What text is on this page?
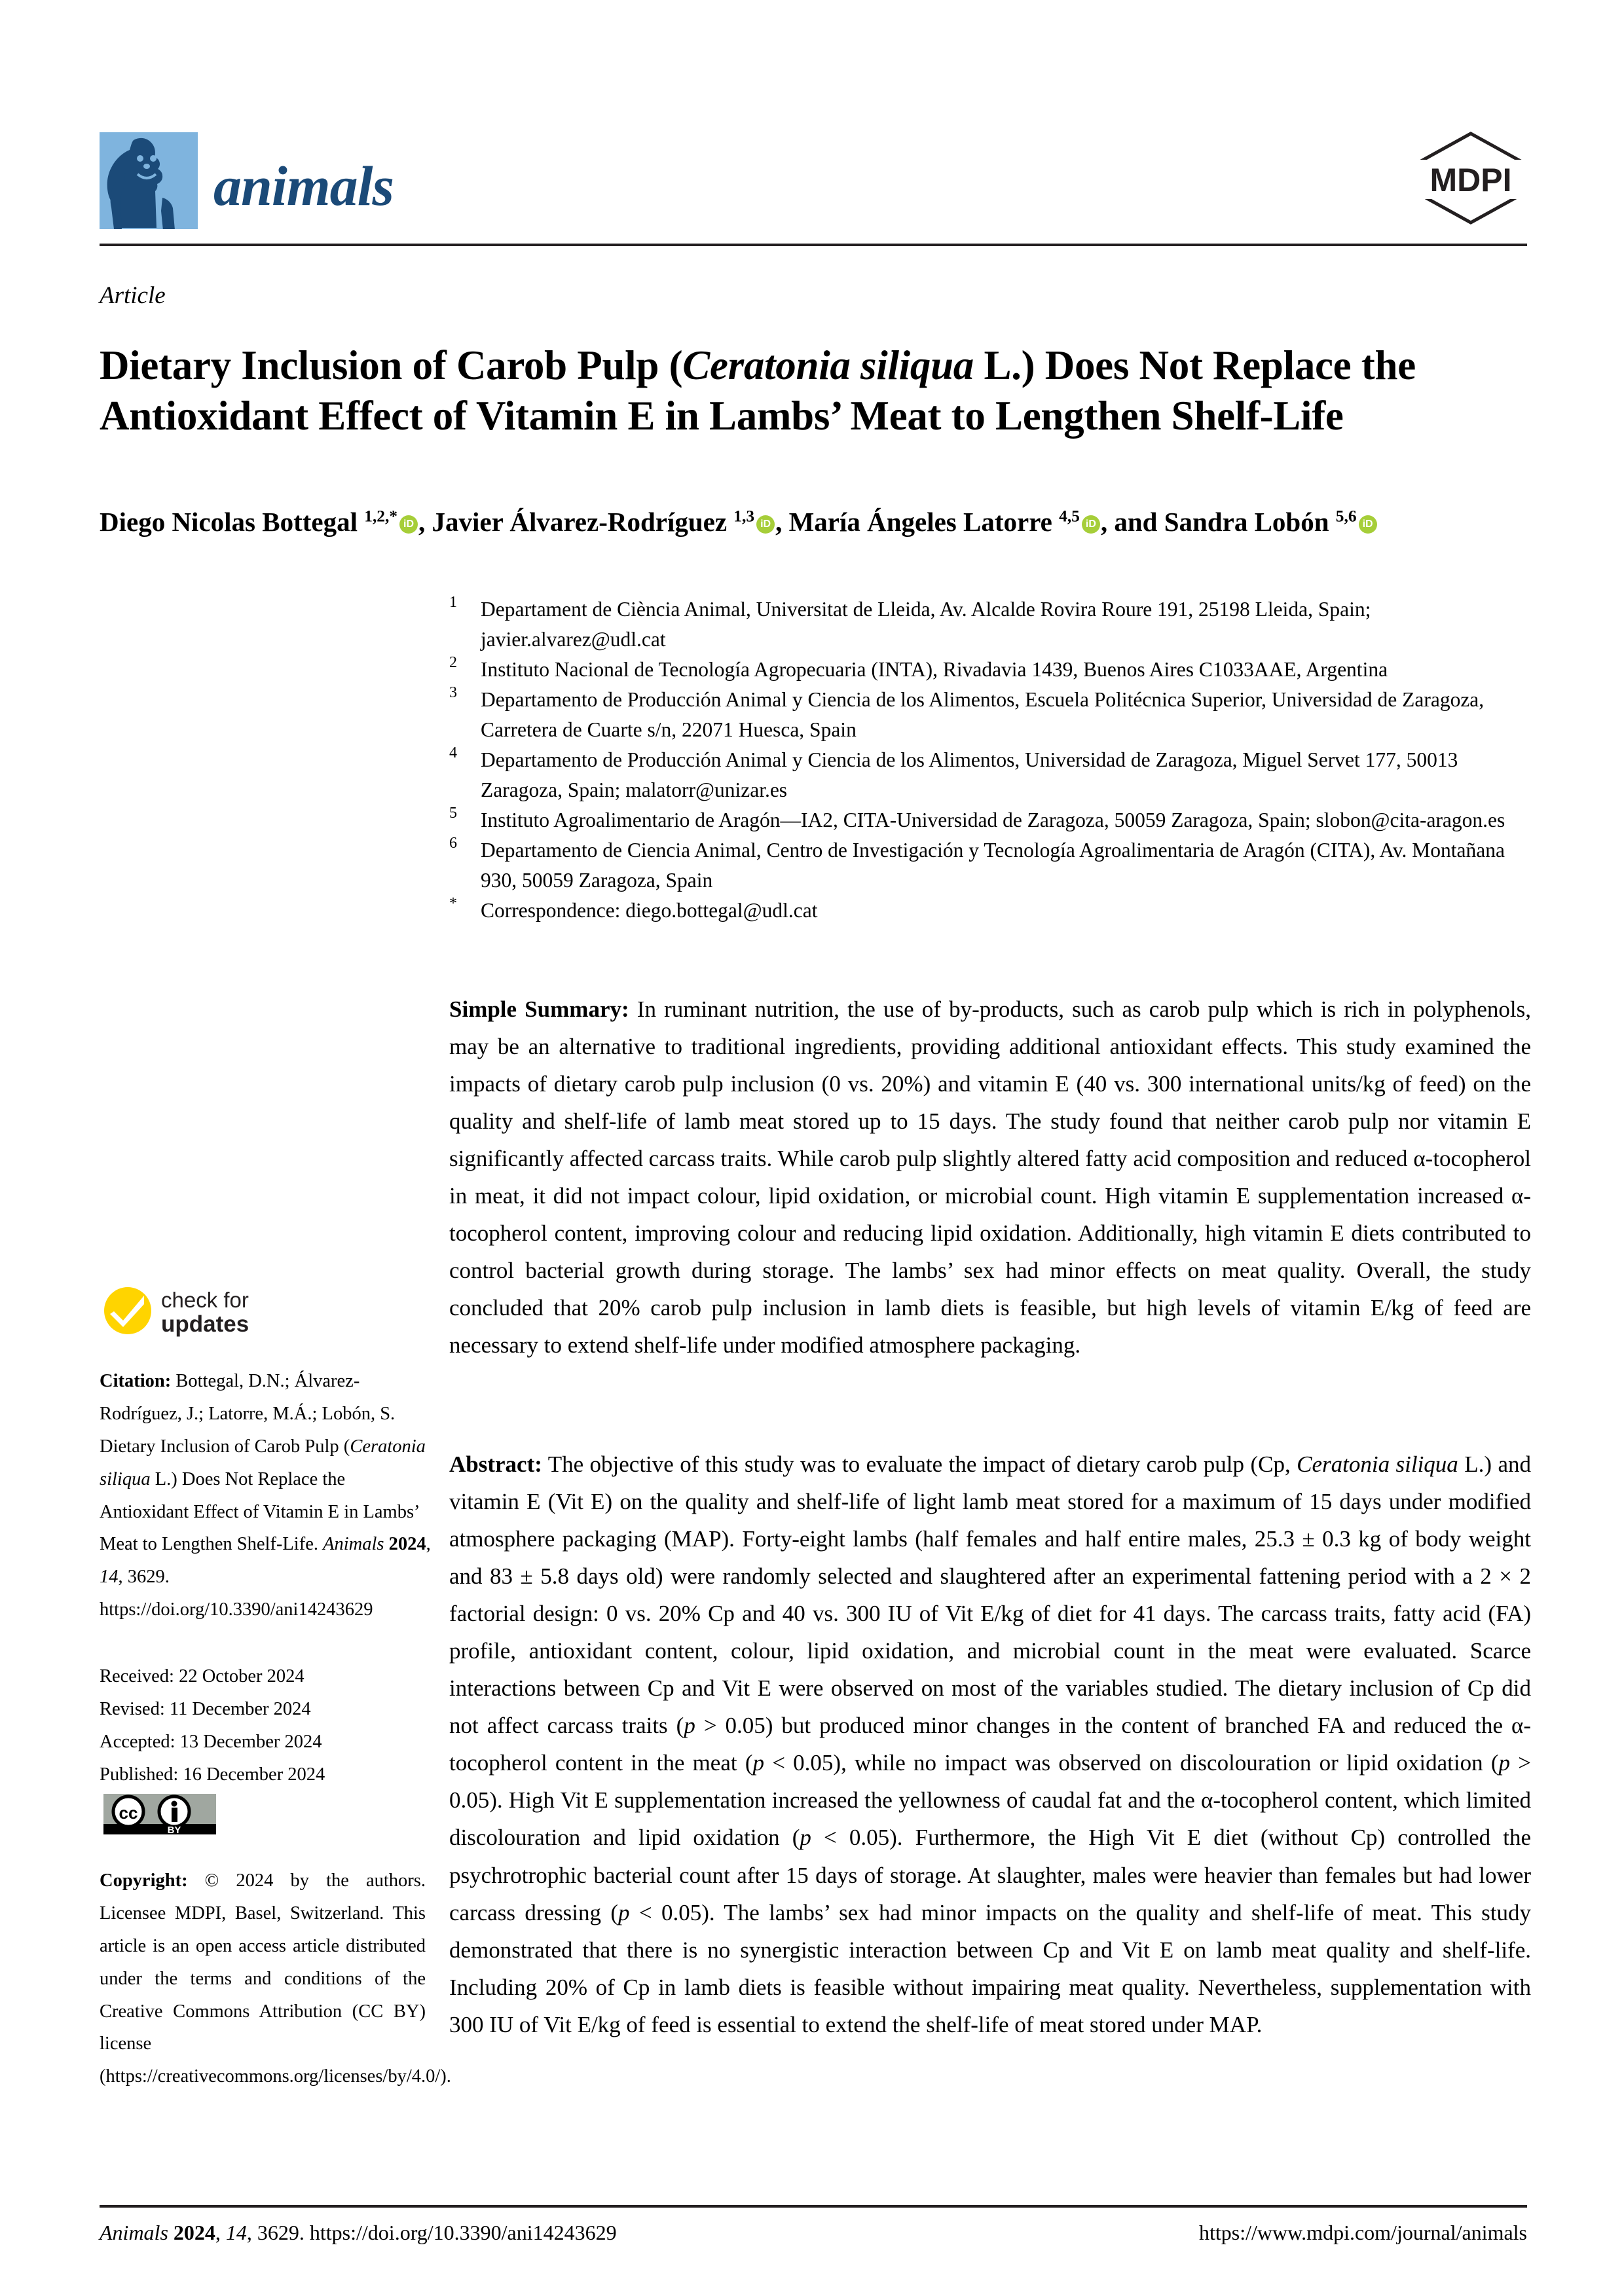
animals	MDPI
Article
Dietary Inclusion of Carob Pulp (Ceratonia siliqua L.) Does Not Replace the Antioxidant Effect of Vitamin E in Lambs’ Meat to Lengthen Shelf-Life
Diego Nicolas Bottegal $^{1,2,*}$ iD , Javier Álvarez-Rodríguez $^{1,3}$ iD , María Ángeles Latorre $^{4,5}$ iD , and Sandra Lobón $^{5,6}$iD
1	Departament de Ciència Animal, Universitat de Lleida, Av. Alcalde Rovira Roure 191, 25198 Lleida, Spain; javier.alvarez@udl.cat
2	Instituto Nacional de Tecnología Agropecuaria (INTA), Rivadavia 1439, Buenos Aires C1033AAE, Argentina
3	Departamento de Producción Animal y Ciencia de los Alimentos, Escuela Politécnica Superior, Universidad de Zaragoza, Carretera de Cuarte s/n, 22071 Huesca, Spain
4	Departamento de Producción Animal y Ciencia de los Alimentos, Universidad de Zaragoza, Miguel Servet 177, 50013 Zaragoza, Spain; malatorr@unizar.es
5	Instituto Agroalimentario de Aragón—IA2, CITA-Universidad de Zaragoza, 50059 Zaragoza, Spain; slobon@cita-aragon.es
6	Departamento de Ciencia Animal, Centro de Investigación y Tecnología Agroalimentaria de Aragón (CITA), Av. Montañana 930, 50059 Zaragoza, Spain
*	Correspondence: diego.bottegal@udl.cat
Simple Summary: In ruminant nutrition, the use of by-products, such as carob pulp which is rich in polyphenols, may be an alternative to traditional ingredients, providing additional antioxidant effects. This study examined the impacts of dietary carob pulp inclusion (0 vs. 20%) and vitamin E (40 vs. 300 international units/kg of feed) on the quality and shelf-life of lamb meat stored up to 15 days. The study found that neither carob pulp nor vitamin E significantly affected carcass traits. While carob pulp slightly altered fatty acid composition and reduced α-tocopherol in meat, it did not impact colour, lipid oxidation, or microbial count. High vitamin E supplementation increased α-tocopherol content, improving colour and reducing lipid oxidation. Additionally, high vitamin E diets contributed to control bacterial growth during storage. The lambs’ sex had minor effects on meat quality. Overall, the study concluded that 20% carob pulp inclusion in lamb diets is feasible, but high levels of vitamin E/kg of feed are necessary to extend shelf-life under modified atmosphere packaging.
Abstract: The objective of this study was to evaluate the impact of dietary carob pulp (Cp, Ceratonia siliqua L.) and vitamin E (Vit E) on the quality and shelf-life of light lamb meat stored for a maximum of 15 days under modified atmosphere packaging (MAP). Forty-eight lambs (half females and half entire males, 25.3 ± 0.3 kg of body weight and 83 ± 5.8 days old) were randomly selected and slaughtered after an experimental fattening period with a 2 × 2 factorial design: 0 vs. 20% Cp and 40 vs. 300 IU of Vit E/kg of diet for 41 days. The carcass traits, fatty acid (FA) profile, antioxidant content, colour, lipid oxidation, and microbial count in the meat were evaluated. Scarce interactions between Cp and Vit E were observed on most of the variables studied. The dietary inclusion of Cp did not affect carcass traits (p > 0.05) but produced minor changes in the content of branched FA and reduced the α-tocopherol content in the meat (p < 0.05), while no impact was observed on discolouration or lipid oxidation (p > 0.05). High Vit E supplementation increased the yellowness of caudal fat and the α-tocopherol content, which limited discolouration and lipid oxidation (p < 0.05). Furthermore, the High Vit E diet (without Cp) controlled the psychrotrophic bacterial count after 15 days of storage. At slaughter, males were heavier than females but had lower carcass dressing (p < 0.05). The lambs’ sex had minor impacts on the quality and shelf-life of meat. This study demonstrated that there is no synergistic interaction between Cp and Vit E on lamb meat quality and shelf-life. Including 20% of Cp in lamb diets is feasible without impairing meat quality. Nevertheless, supplementation with 300 IU of Vit E/kg of feed is essential to extend the shelf-life of meat stored under MAP.
check for
updates
Citation: Bottegal, D.N.; Álvarez-Rodríguez, J.; Latorre, M.Á.; Lobón, S. Dietary Inclusion of Carob Pulp (Ceratonia siliqua L.) Does Not Replace the Antioxidant Effect of Vitamin E in Lambs’ Meat to Lengthen Shelf-Life. Animals 2024, 14, 3629. https://doi.org/10.3390/ani14243629
Received: 22 October 2024
Revised: 11 December 2024
Accepted: 13 December 2024
Published: 16 December 2024
cc
BY
Copyright: © 2024 by the authors. Licensee MDPI, Basel, Switzerland. This article is an open access article distributed under the terms and conditions of the Creative Commons Attribution (CC BY) license (https://creativecommons.org/licenses/by/4.0/).
Animals 2024, 14, 3629. https://doi.org/10.3390/ani14243629	https://www.mdpi.com/journal/animals
